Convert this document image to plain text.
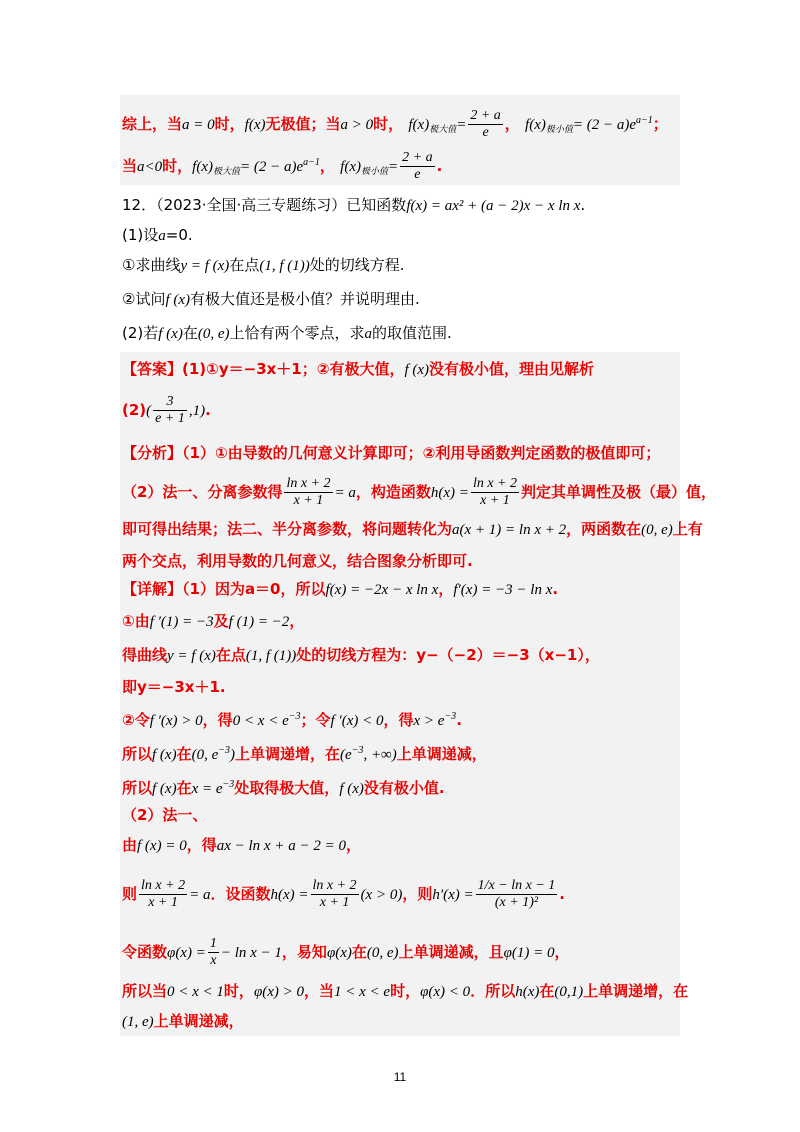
综上，当a = 0时，f(x)无极值；当a > 0时， $f(x)_{极大值}= \frac{2 + a}{e}$ ， $f(x)_{极小值}= (2 - a)e^{a-1}$；
当a<0时，$f(x)_{极大值}= (2 - a)e^{a-1}$， $f(x)_{极小值}= \frac{2 + a}{e}$ .
12．（2023·全国·高三专题练习）已知函数f(x) = ax² + (a − 2)x − x ln x.
(1)设a=0.
①求曲线y = f (x)在点(1, f (1))处的切线方程.
②试问f (x)有极大值还是极小值？并说明理由.
(2)若f (x)在(0, e)上恰有两个零点，求a的取值范围.
【答案】(1)①y＝−3x＋1；②有极大值，f (x)没有极小值，理由见解析
$(2)( \frac{3}{e + 1} ,1)$.
【分析】（1）①由导数的几何意义计算即可；②利用导函数判定函数的极值即可；
（2）法一、分离参数得 $\frac{\text{ln x + 2}}{x + 1} = a$，构造函数$h(x) = \frac{\text{ln x + 2}}{x + 1}$ 判定其单调性及极（最）值，
即可得出结果；法二、半分离参数，将问题转化为a(x + 1) = ln x + 2，两函数在(0, e)上有
两个交点，利用导数的几何意义，结合图象分析即可.
【详解】（1）因为a＝0，所以f(x) = −2x − x ln x，f′(x) = −3 − ln x.
①由f ′(1) = −3及f (1) = −2，
得曲线y = f (x)在点(1, f (1))处的切线方程为：y−（−2）＝−3（x−1），
即y＝−3x＋1.
②令f ′(x) > 0，得$0 < x < e^{-3}$；令f ′(x) < 0，得$x > e^{-3}$.
所以f (x)在(0, $e^{-3}$)上单调递增，在($e^{-3}$, +∞)上单调递减，
所以f (x)在$x = e^{-3}$处取得极大值，f (x)没有极小值.
（2）法一、
由f (x) = 0，得ax − ln x + a − 2 = 0，
则 $\frac{\text{ln x + 2}}{x + 1} = a$．设函数$h(x) = \frac{\text{ln x + 2}}{x + 1} (x > 0)$，则$h'(x) = \frac{\text{1/x − ln x − 1}}{\text{(x + 1)²}}$ .
令函数$\varphi(x) = \frac{1}{x} - \ln x - 1$，易知φ(x)在(0, e)上单调递减，且φ(1) = 0，
所以当0 < x < 1时，φ(x) > 0，当1 < x < e时，φ(x) < 0．所以h(x)在(0,1)上单调递增，在
(1, e)上单调递减，
11
